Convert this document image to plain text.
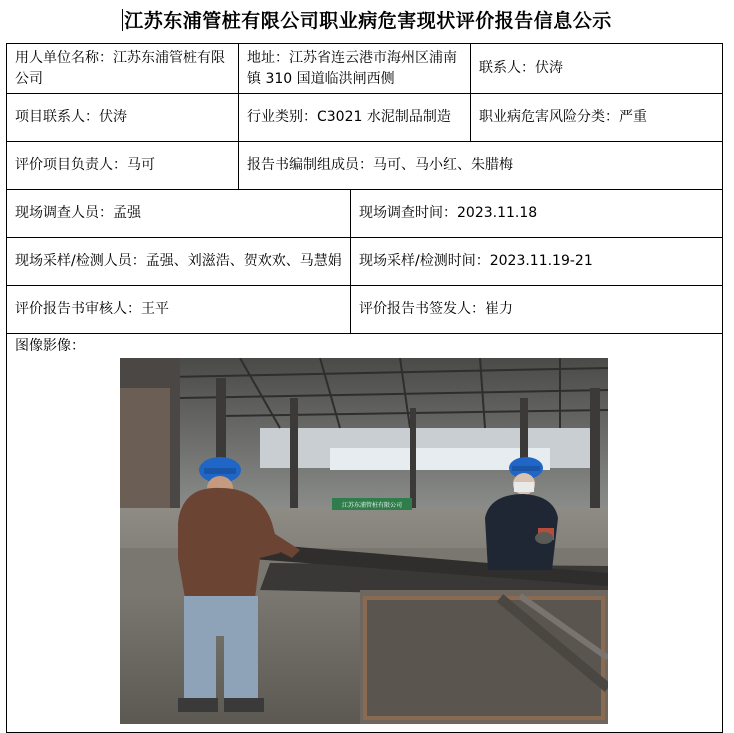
江苏东浦管桩有限公司职业病危害现状评价报告信息公示
用人单位名称：江苏东浦管桩有限公司
地址：江苏省连云港市海州区浦南镇 310 国道临洪闸西侧
联系人：伏涛
项目联系人：伏涛	行业类别：C3021 水泥制品制造	职业病危害风险分类：严重
评价项目负责人：马可	报告书编制组成员：马可、马小红、朱腊梅
现场调查人员：孟强	现场调查时间：2023.11.18
现场采样/检测人员：孟强、刘滋浩、贺欢欢、马慧娟	现场采样/检测时间：2023.11.19-21
评价报告书审核人：王平	评价报告书签发人：崔力
图像影像：
江苏东浦管桩有限公司
